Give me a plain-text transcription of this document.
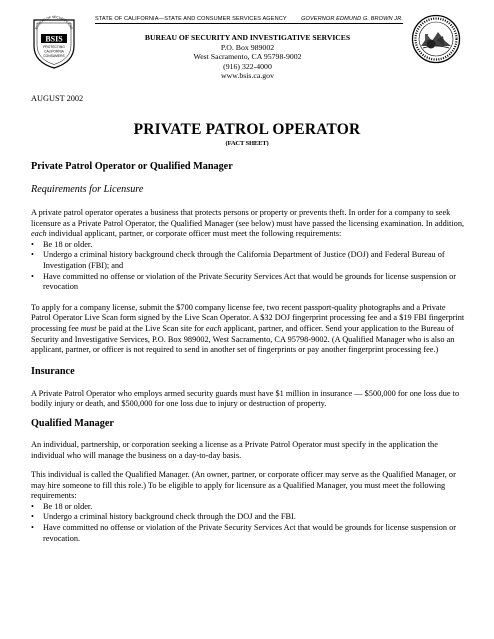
STATE OF CALIFORNIA—STATE AND CONSUMER SERVICES AGENCY	GOVERNOR EDMUND G. BROWN JR.
BUREAU OF SECURITY AND
BSIS
PROTECTING
CALIFORNIA
CONSUMERS
BUREAU OF SECURITY AND INVESTIGATIVE SERVICES
P.O. Box 989002
West Sacramento, CA 95798-9002
(916) 322-4000
www.bsis.ca.gov
AUGUST 2002
PRIVATE PATROL OPERATOR
(FACT SHEET)
Private Patrol Operator or Qualified Manager
Requirements for Licensure

A private patrol operator operates a business that protects persons or property or prevents theft. In order for a company to seek licensure as a Private Patrol Operator, the Qualified Manager (see below) must have passed the licensing examination. In addition, each individual applicant, partner, or corporate officer must meet the following requirements:

• Be 18 or older.
• Undergo a criminal history background check through the California Department of Justice (DOJ) and Federal Bureau of Investigation (FBI); and
• Have committed no offense or violation of the Private Security Services Act that would be grounds for license suspension or revocation

To apply for a company license, submit the $700 company license fee, two recent passport-quality photographs and a Private Patrol Operator Live Scan form signed by the Live Scan Operator. A $32 DOJ fingerprint processing fee and a $19 FBI fingerprint processing fee must be paid at the Live Scan site for each applicant, partner, and officer. Send your application to the Bureau of Security and Investigative Services, P.O. Box 989002, West Sacramento, CA 95798-9002. (A Qualified Manager who is also an applicant, partner, or officer is not required to send in another set of fingerprints or pay another fingerprint processing fee.)

Insurance

A Private Patrol Operator who employs armed security guards must have $1 million in insurance — $500,000 for one loss due to bodily injury or death, and $500,000 for one loss due to injury or destruction of property.

Qualified Manager

An individual, partnership, or corporation seeking a license as a Private Patrol Operator must specify in the application the individual who will manage the business on a day-to-day basis.

This individual is called the Qualified Manager. (An owner, partner, or corporate officer may serve as the Qualified Manager, or may hire someone to fill this role.) To be eligible to apply for licensure as a Qualified Manager, you must meet the following requirements:

• Be 18 or older.
• Undergo a criminal history background check through the DOJ and the FBI.
• Have committed no offense or violation of the Private Security Services Act that would be grounds for license suspension or revocation.
